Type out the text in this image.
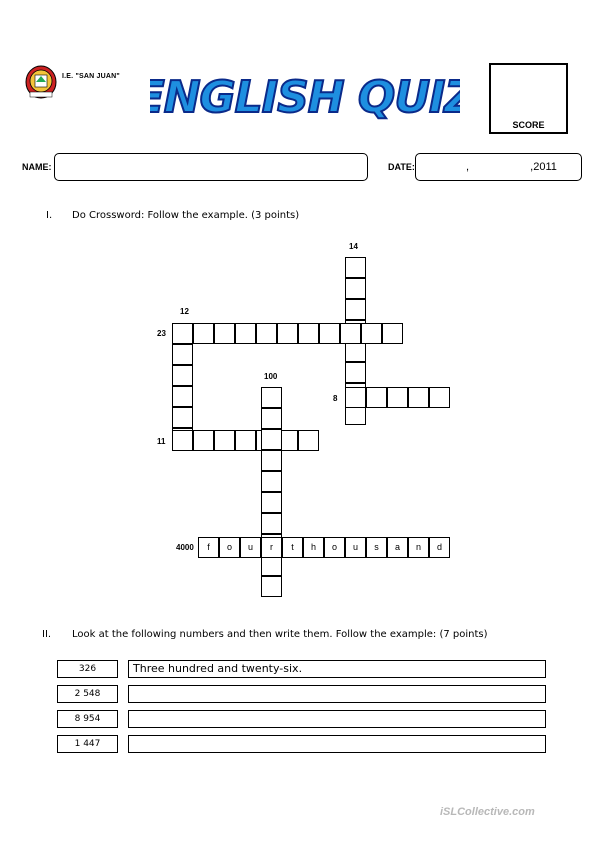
I.E. "SAN JUAN" ENGLISH QUIZ
SCORE
NAME:	DATE:	,                    ,2011
I. Do Crossword: Follow the example. (3 points)
14
12
23
100
8
11
4000	f	o	u	r	t	h	o	u	s	a	n	d
II. Look at the following numbers and then write them. Follow the example: (7 points)
326	Three hundred and twenty-six.
2 548
8 954
1 447
iSLCollective.com
